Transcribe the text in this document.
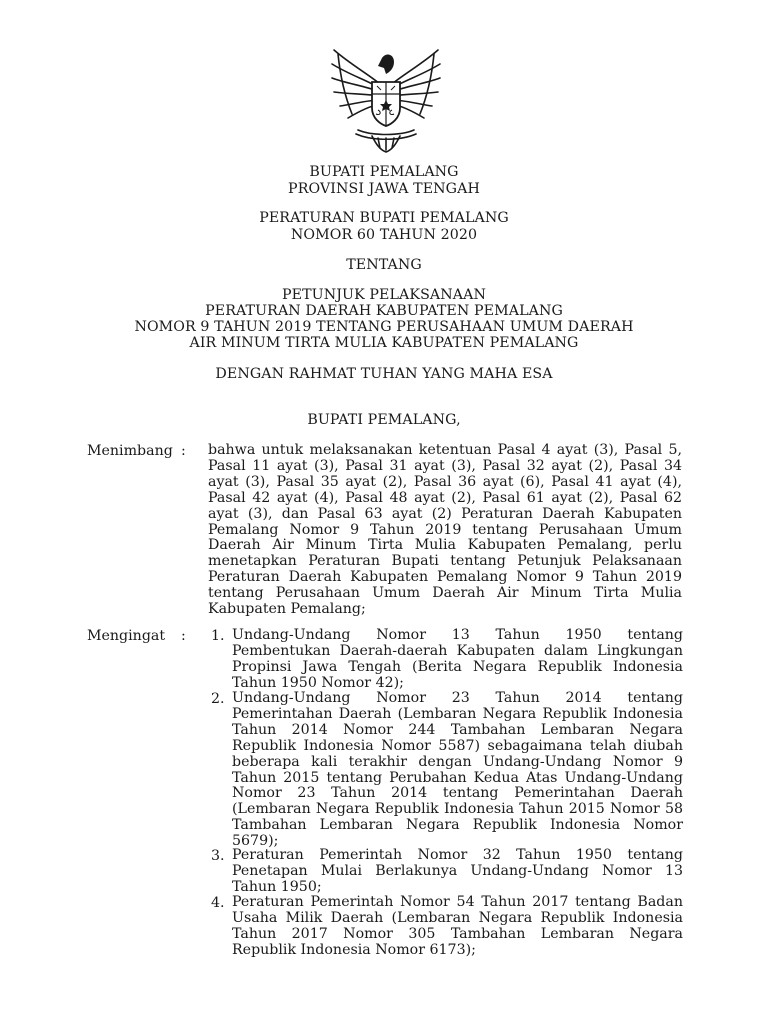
BUPATI PEMALANG
PROVINSI JAWA TENGAH
PERATURAN BUPATI PEMALANG
NOMOR 60 TAHUN 2020
TENTANG
PETUNJUK PELAKSANAAN
PERATURAN DAERAH KABUPATEN PEMALANG
NOMOR 9 TAHUN 2019 TENTANG PERUSAHAAN UMUM DAERAH
AIR MINUM TIRTA MULIA KABUPATEN PEMALANG
DENGAN RAHMAT TUHAN YANG MAHA ESA
BUPATI PEMALANG,
Menimbang : bahwa untuk melaksanakan ketentuan Pasal 4 ayat (3), Pasal 5,
Pasal 11 ayat (3), Pasal 31 ayat (3), Pasal 32 ayat (2), Pasal 34
ayat (3), Pasal 35 ayat (2), Pasal 36 ayat (6), Pasal 41 ayat (4),
Pasal 42 ayat (4), Pasal 48 ayat (2), Pasal 61 ayat (2), Pasal 62
ayat (3), dan Pasal 63 ayat (2) Peraturan Daerah Kabupaten
Pemalang Nomor 9 Tahun 2019 tentang Perusahaan Umum
Daerah Air Minum Tirta Mulia Kabupaten Pemalang, perlu
menetapkan Peraturan Bupati tentang Petunjuk Pelaksanaan
Peraturan Daerah Kabupaten Pemalang Nomor 9 Tahun 2019
tentang Perusahaan Umum Daerah Air Minum Tirta Mulia
Kabupaten Pemalang;
Mengingat : 1. Undang-Undang Nomor 13 Tahun 1950 tentang
Pembentukan Daerah-daerah Kabupaten dalam Lingkungan
Propinsi Jawa Tengah (Berita Negara Republik Indonesia
Tahun 1950 Nomor 42);
2. Undang-Undang Nomor 23 Tahun 2014 tentang
Pemerintahan Daerah (Lembaran Negara Republik Indonesia
Tahun 2014 Nomor 244 Tambahan Lembaran Negara
Republik Indonesia Nomor 5587) sebagaimana telah diubah
beberapa kali terakhir dengan Undang-Undang Nomor 9
Tahun 2015 tentang Perubahan Kedua Atas Undang-Undang
Nomor 23 Tahun 2014 tentang Pemerintahan Daerah
(Lembaran Negara Republik Indonesia Tahun 2015 Nomor 58
Tambahan Lembaran Negara Republik Indonesia Nomor
5679);
3. Peraturan Pemerintah Nomor 32 Tahun 1950 tentang
Penetapan Mulai Berlakunya Undang-Undang Nomor 13
Tahun 1950;
4. Peraturan Pemerintah Nomor 54 Tahun 2017 tentang Badan
Usaha Milik Daerah (Lembaran Negara Republik Indonesia
Tahun 2017 Nomor 305 Tambahan Lembaran Negara
Republik Indonesia Nomor 6173);
